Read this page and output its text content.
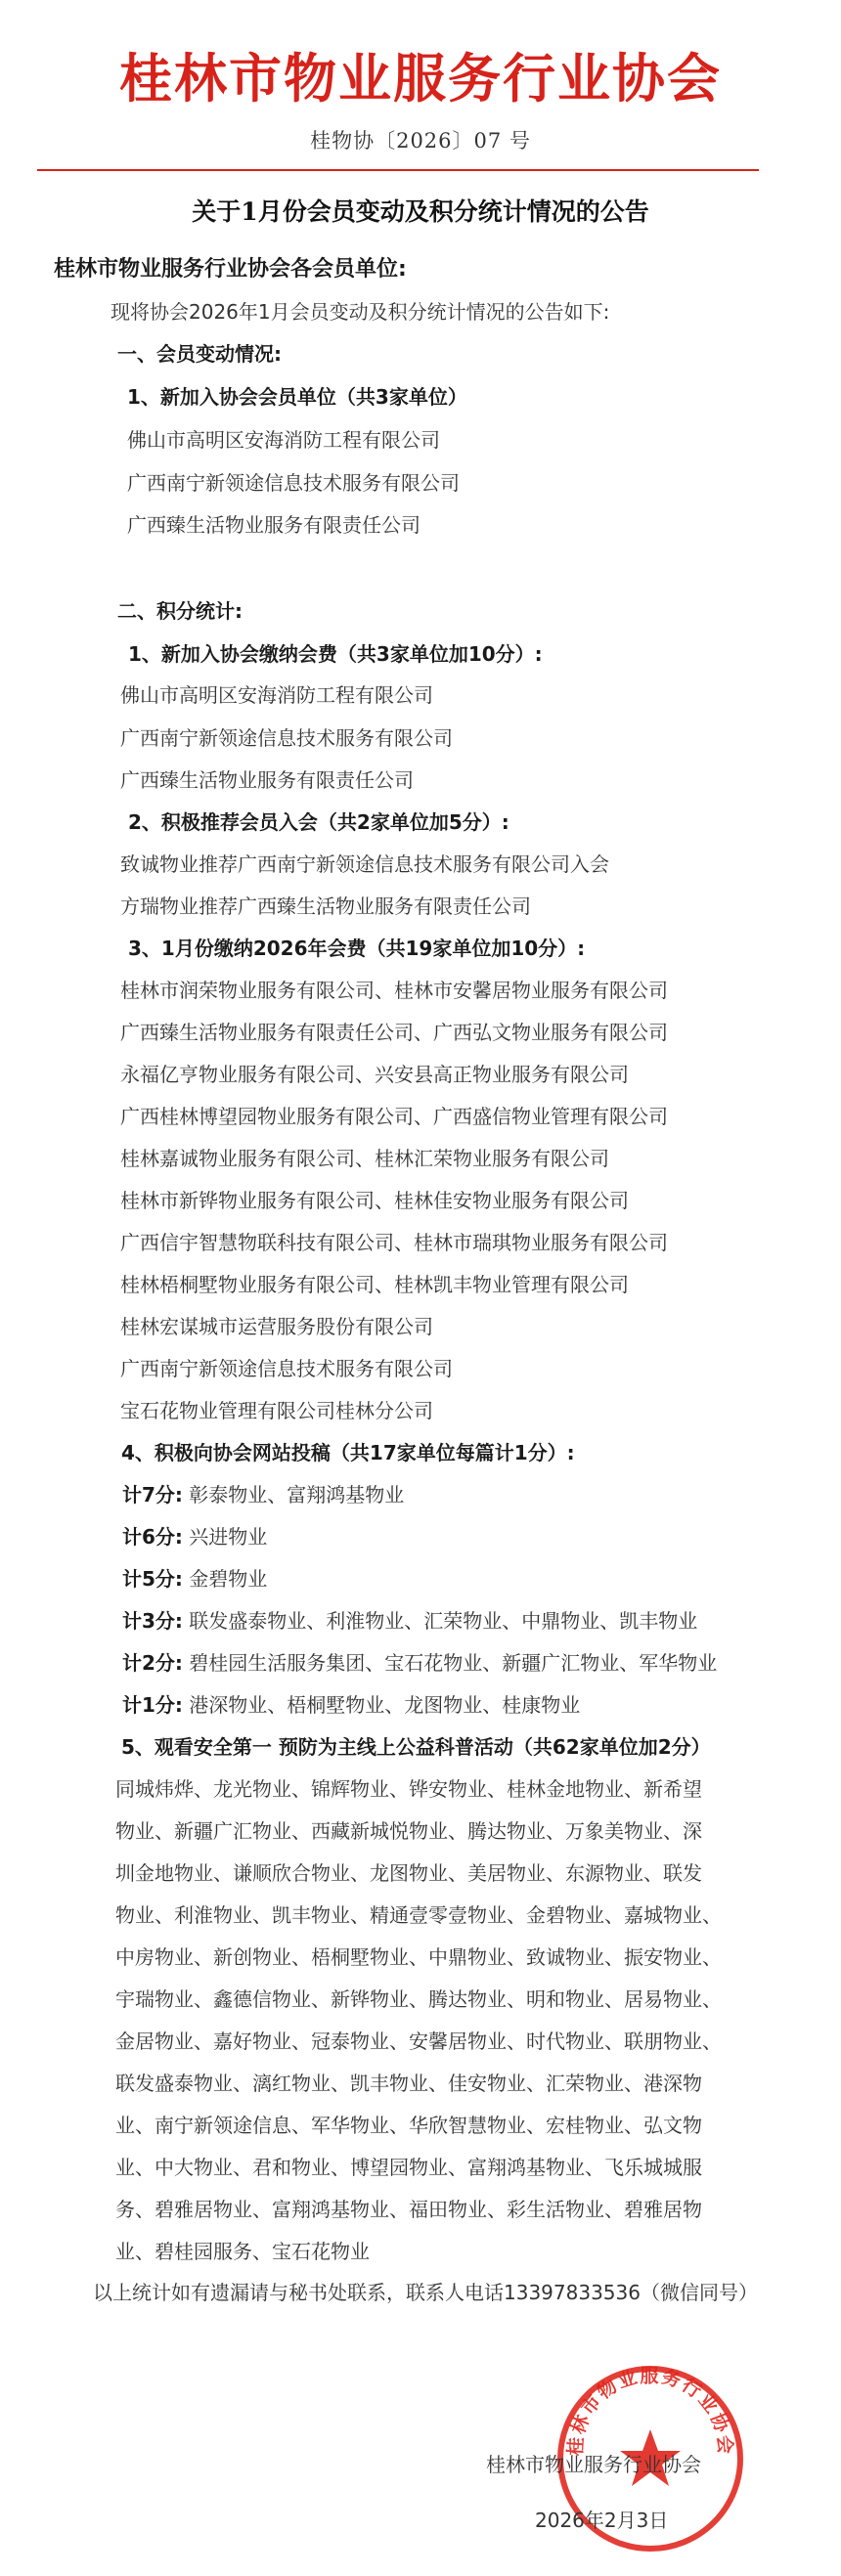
桂林市物业服务行业协会
桂物协〔2026〕07 号
关于1月份会员变动及积分统计情况的公告
桂林市物业服务行业协会各会员单位:
现将协会2026年1月会员变动及积分统计情况的公告如下:
一、会员变动情况:
1、新加入协会会员单位（共3家单位）
佛山市高明区安海消防工程有限公司
广西南宁新领途信息技术服务有限公司
广西臻生活物业服务有限责任公司
二、积分统计:
1、新加入协会缴纳会费（共3家单位加10分）:
佛山市高明区安海消防工程有限公司
广西南宁新领途信息技术服务有限公司
广西臻生活物业服务有限责任公司
2、积极推荐会员入会（共2家单位加5分）:
致诚物业推荐广西南宁新领途信息技术服务有限公司入会
方瑞物业推荐广西臻生活物业服务有限责任公司
3、1月份缴纳2026年会费（共19家单位加10分）:
桂林市润荣物业服务有限公司、桂林市安馨居物业服务有限公司
广西臻生活物业服务有限责任公司、广西弘文物业服务有限公司
永福亿亨物业服务有限公司、兴安县高正物业服务有限公司
广西桂林博望园物业服务有限公司、广西盛信物业管理有限公司
桂林嘉诚物业服务有限公司、桂林汇荣物业服务有限公司
桂林市新铧物业服务有限公司、桂林佳安物业服务有限公司
广西信宇智慧物联科技有限公司、桂林市瑞琪物业服务有限公司
桂林梧桐墅物业服务有限公司、桂林凯丰物业管理有限公司
桂林宏谋城市运营服务股份有限公司
广西南宁新领途信息技术服务有限公司
宝石花物业管理有限公司桂林分公司
4、积极向协会网站投稿（共17家单位每篇计1分）:
计7分: 彰泰物业、富翔鸿基物业
计6分: 兴进物业
计5分: 金碧物业
计3分: 联发盛泰物业、利淮物业、汇荣物业、中鼎物业、凯丰物业
计2分: 碧桂园生活服务集团、宝石花物业、新疆广汇物业、军华物业
计1分: 港深物业、梧桐墅物业、龙图物业、桂康物业
5、观看安全第一 预防为主线上公益科普活动（共62家单位加2分）
同城炜烨、龙光物业、锦辉物业、铧安物业、桂林金地物业、新希望
物业、新疆广汇物业、西藏新城悦物业、腾达物业、万象美物业、深
圳金地物业、谦顺欣合物业、龙图物业、美居物业、东源物业、联发
物业、利淮物业、凯丰物业、精通壹零壹物业、金碧物业、嘉城物业、
中房物业、新创物业、梧桐墅物业、中鼎物业、致诚物业、振安物业、
宇瑞物业、鑫德信物业、新铧物业、腾达物业、明和物业、居易物业、
金居物业、嘉好物业、冠泰物业、安馨居物业、时代物业、联朋物业、
联发盛泰物业、漓红物业、凯丰物业、佳安物业、汇荣物业、港深物
业、南宁新领途信息、军华物业、华欣智慧物业、宏桂物业、弘文物
业、中大物业、君和物业、博望园物业、富翔鸿基物业、飞乐城城服
务、碧雅居物业、富翔鸿基物业、福田物业、彩生活物业、碧雅居物
业、碧桂园服务、宝石花物业
以上统计如有遗漏请与秘书处联系，联系人电话13397833536（微信同号）
桂林市物业服务行业协会
桂林市物业服务行业协会
2026年2月3日
